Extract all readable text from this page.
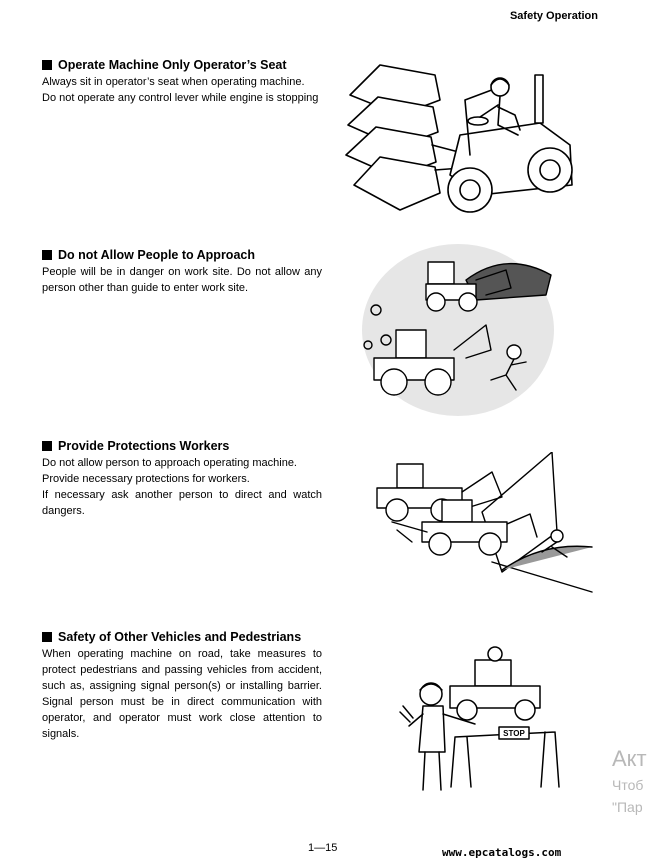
Safety Operation
Operate Machine Only Operator’s Seat

Always sit in operator’s seat when operating machine.

Do not operate any control lever while engine is stopping

Do not Allow People to Approach

People will be in danger on work site. Do not allow any person other than guide to enter work site.

Provide Protections Workers

Do not allow person to approach operating machine.

Provide necessary protections for workers.

If necessary ask another person to direct and watch dangers.

Safety of Other Vehicles and Pedestrians

When operating machine on road, take measures to protect pedestrians and passing vehicles from accident, such as, assigning signal person(s) or installing barrier. Signal person must be in direct communication with operator, and operator must work close attention to signals.	STOP
1—15	www.epcatalogs.com
Акт
Чтоб
"Пар
